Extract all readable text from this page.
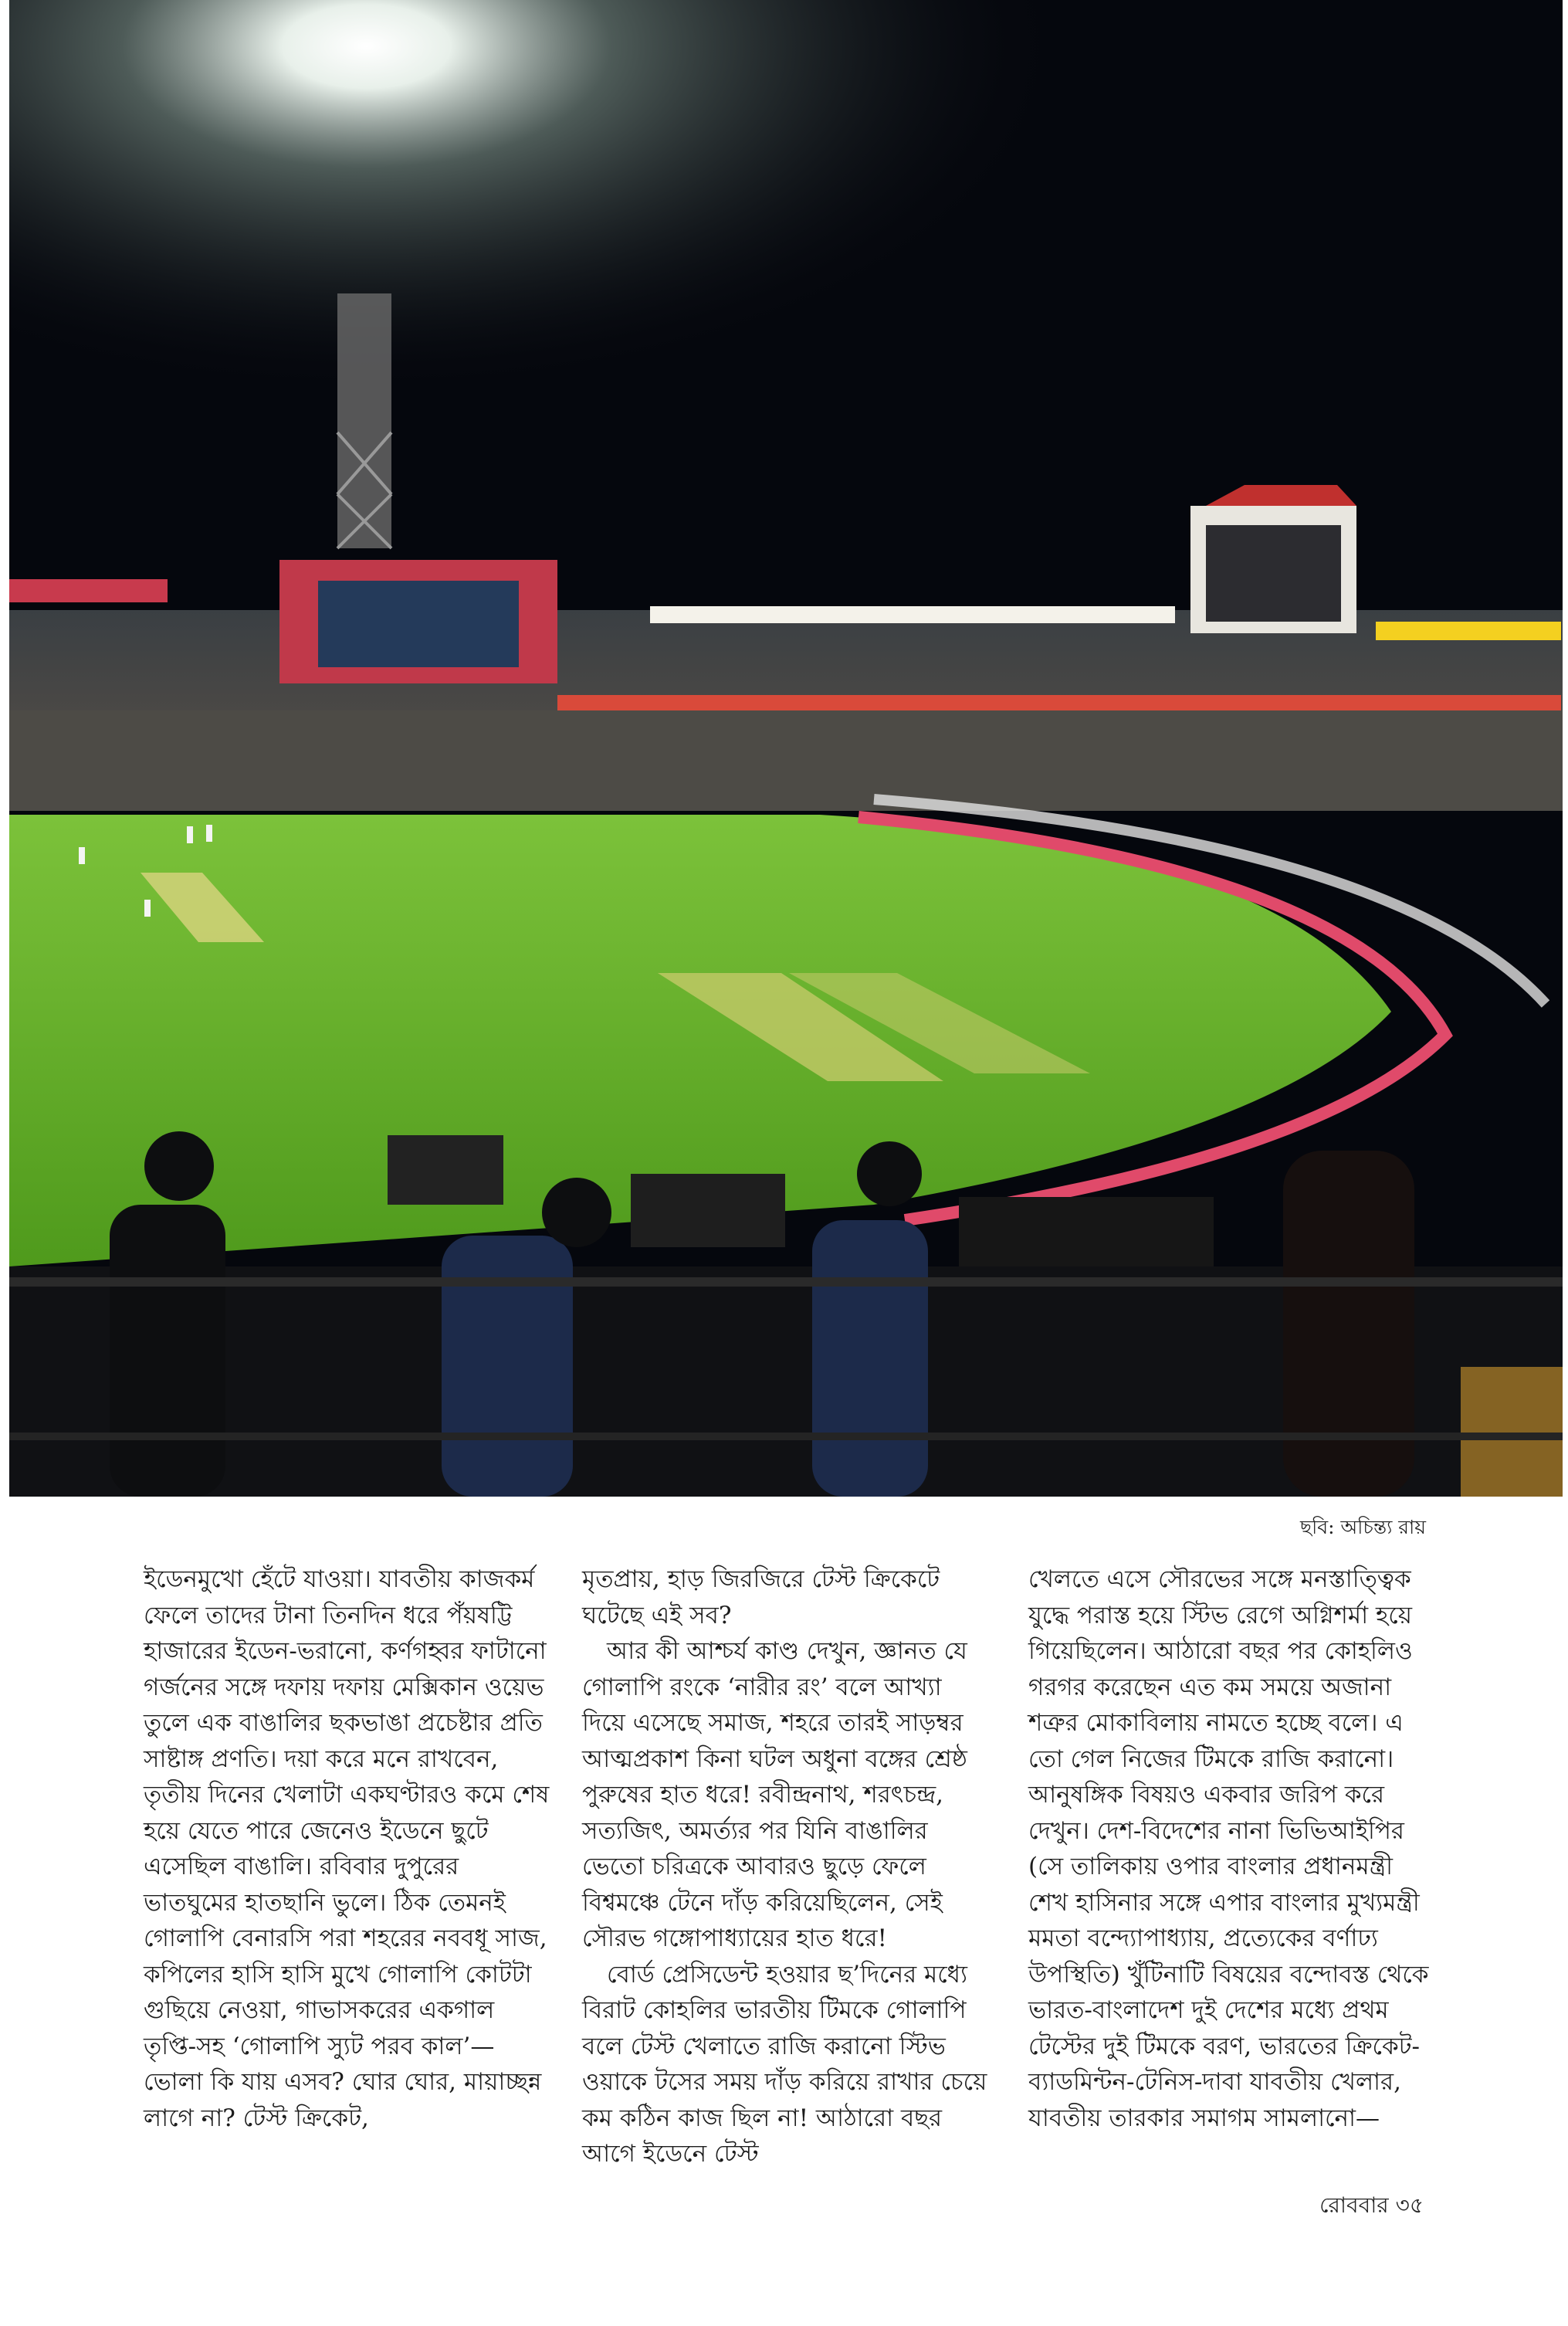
ছবি: অচিন্ত্য রায়

ইডেনমুখো হেঁটে যাওয়া। যাবতীয় কাজকর্ম ফেলে তাদের টানা তিনদিন ধরে পঁয়ষট্টি হাজারের ইডেন-ভরানো, কর্ণগহ্বর ফাটানো গর্জনের সঙ্গে দফায় দফায় মেক্সিকান ওয়েভ তুলে এক বাঙালির ছকভাঙা প্রচেষ্টার প্রতি সাষ্টাঙ্গ প্রণতি। দয়া করে মনে রাখবেন, তৃতীয় দিনের খেলাটা একঘণ্টারও কমে শেষ হয়ে যেতে পারে জেনেও ইডেনে ছুটে এসেছিল বাঙালি। রবিবার দুপুরের ভাতঘুমের হাতছানি ভুলে। ঠিক তেমনই গোলাপি বেনারসি পরা শহরের নববধূ সাজ, কপিলের হাসি হাসি মুখে গোলাপি কোটটা গুছিয়ে নেওয়া, গাভাসকরের একগাল তৃপ্তি-সহ ‘গোলাপি স্যুট পরব কাল’— ভোলা কি যায় এসব? ঘোর ঘোর, মায়াচ্ছন্ন লাগে না? টেস্ট ক্রিকেট,

মৃতপ্রায়, হাড় জিরজিরে টেস্ট ক্রিকেটে ঘটেছে এই সব?

আর কী আশ্চর্য কাণ্ড দেখুন, জ্ঞানত যে গোলাপি রংকে ‘নারীর রং’ বলে আখ্যা দিয়ে এসেছে সমাজ, শহরে তারই সাড়ম্বর আত্মপ্রকাশ কিনা ঘটল অধুনা বঙ্গের শ্রেষ্ঠ পুরুষের হাত ধরে! রবীন্দ্রনাথ, শরৎচন্দ্র, সত্যজিৎ, অমর্ত্যর পর যিনি বাঙালির ভেতো চরিত্রকে আবারও ছুড়ে ফেলে বিশ্বমঞ্চে টেনে দাঁড় করিয়েছিলেন, সেই সৌরভ গঙ্গোপাধ্যায়ের হাত ধরে!

বোর্ড প্রেসিডেন্ট হওয়ার ছ’দিনের মধ্যে বিরাট কোহলির ভারতীয় টিমকে গোলাপি বলে টেস্ট খেলাতে রাজি করানো স্টিভ ওয়াকে টসের সময় দাঁড় করিয়ে রাখার চেয়ে কম কঠিন কাজ ছিল না! আঠারো বছর আগে ইডেনে টেস্ট

খেলতে এসে সৌরভের সঙ্গে মনস্তাত্ত্বিক যুদ্ধে পরাস্ত হয়ে স্টিভ রেগে অগ্নিশর্মা হয়ে গিয়েছিলেন। আঠারো বছর পর কোহলিও গরগর করেছেন এত কম সময়ে অজানা শত্রুর মোকাবিলায় নামতে হচ্ছে বলে। এ তো গেল নিজের টিমকে রাজি করানো। আনুষঙ্গিক বিষয়ও একবার জরিপ করে দেখুন। দেশ-বিদেশের নানা ভিভিআইপির (সে তালিকায় ওপার বাংলার প্রধানমন্ত্রী শেখ হাসিনার সঙ্গে এপার বাংলার মুখ্যমন্ত্রী মমতা বন্দ্যোপাধ্যায়, প্রত্যেকের বর্ণাঢ্য উপস্থিতি) খুঁটিনাটি বিষয়ের বন্দোবস্ত থেকে ভারত-বাংলাদেশ দুই দেশের মধ্যে প্রথম টেস্টের দুই টিমকে বরণ, ভারতের ক্রিকেট-ব্যাডমিন্টন-টেনিস-দাবা যাবতীয় খেলার, যাবতীয় তারকার সমাগম সামলানো—

রোববার ৩৫
